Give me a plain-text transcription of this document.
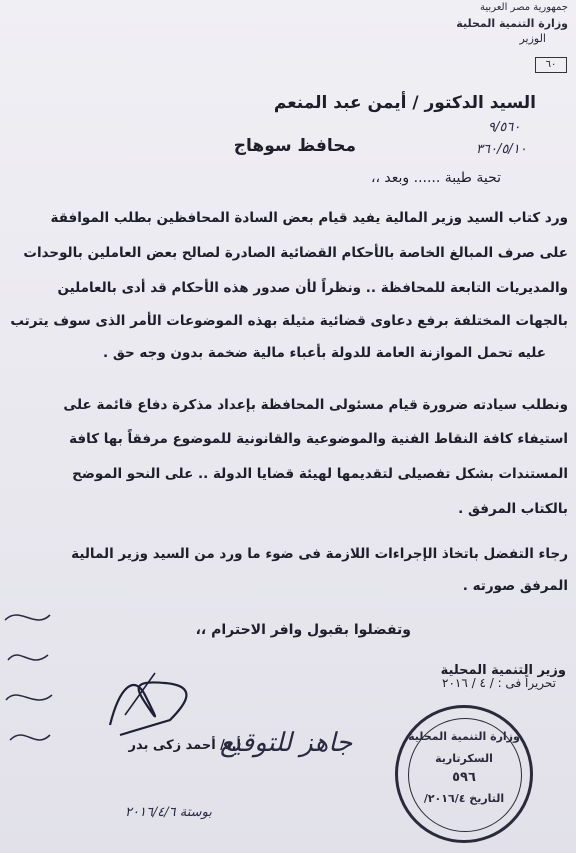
جمهورية مصر العربية
وزارة التنمية المحلية
الوزير
٦٠
السيد الدكتور / أيمن عبد المنعم
٩/٥٦٠
محافظ سوهاج	٣٦٠/٥/١٠
تحية طيبة ...... وبعد ،،
ورد كتاب السيد وزير المالية يفيد قيام بعض السادة المحافظين بطلب الموافقة
على صرف المبالغ الخاصة بالأحكام القضائية الصادرة لصالح بعض العاملين بالوحدات
والمديريات التابعة للمحافظة .. ونظراً لأن صدور هذه الأحكام قد أدى بالعاملين
بالجهات المختلفة برفع دعاوى قضائية مثيلة بهذه الموضوعات الأمر الذى سوف يترتب
عليه تحمل الموازنة العامة للدولة بأعباء مالية ضخمة بدون وجه حق .
ونطلب سيادته ضرورة قيام مسئولى المحافظة بإعداد مذكرة دفاع قائمة على
استيفاء كافة النقاط الفنية والموضوعية والقانونية للموضوع مرفقاً بها كافة
المستندات بشكل تفصيلى لتقديمها لهيئة قضايا الدولة .. على النحو الموضح
بالكتاب المرفق .
رجاء التفضل باتخاذ الإجراءات اللازمة فى ضوء ما ورد من السيد وزير المالية
المرفق صورته .
وتفضلوا بقبول وافر الاحترام ،،
وزير التنمية المحلية
تحريراً فى : / ٤ / ٢٠١٦
أ.د/ أحمد زكى بدر
جاهز للتوقيع
بوستة ٢٠١٦/٤/٦
وزارة التنمية المحلية
السكرتارية
٥٩٦
التاريخ ٢٠١٦/٤/
